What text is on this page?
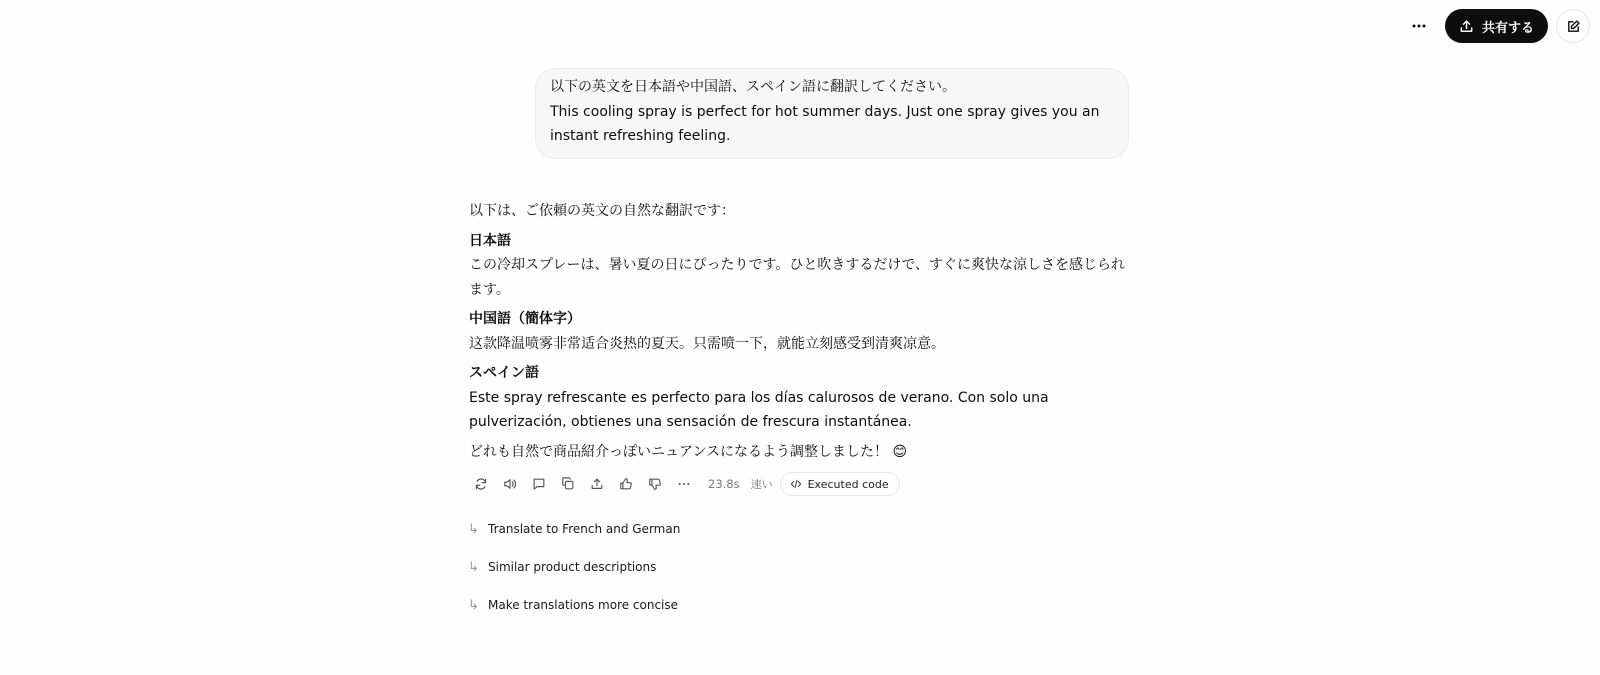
共有する

以下の英文を日本語や中国語、スペイン語に翻訳してください。

This cooling spray is perfect for hot summer days. Just one spray gives you an instant refreshing feeling.

以下は、ご依頼の英文の自然な翻訳です：

日本語

この冷却スプレーは、暑い夏の日にぴったりです。ひと吹きするだけで、すぐに爽快な涼しさを感じられます。

中国語（簡体字）

这款降温喷雾非常适合炎热的夏天。只需喷一下，就能立刻感受到清爽凉意。

スペイン語

Este spray refrescante es perfecto para los días calurosos de verano. Con solo una pulverización, obtienes una sensación de frescura instantánea.

どれも自然で商品紹介っぽいニュアンスになるよう調整しました！ 😊

23.8s 速い	Executed code
↳ Translate to French and German
↳ Similar product descriptions
↳ Make translations more concise
